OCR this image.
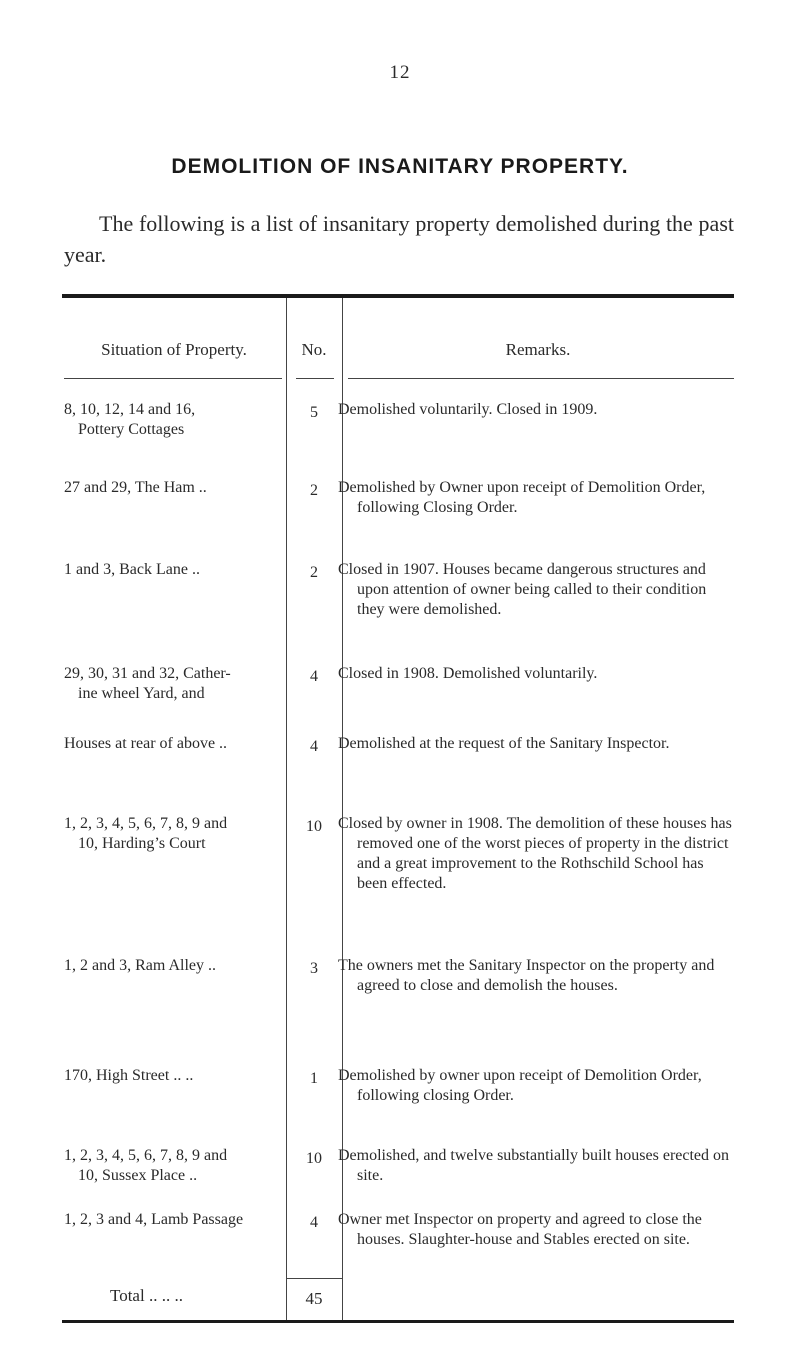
12
DEMOLITION OF INSANITARY PROPERTY.
The following is a list of insanitary property demolished during the past year.
Situation of Property.	No.	Remarks.
8, 10, 12, 14 and 16,
Pottery Cottages
5	Demolished voluntarily. Closed in 1909.
27 and 29, The Ham ..	2	Demolished by Owner upon receipt of Demolition Order, following Closing Order.
1 and 3, Back Lane ..	2	Closed in 1907. Houses became dangerous structures and upon attention of owner being called to their condition they were demolished.
29, 30, 31 and 32, Cather-
ine wheel Yard, and
4	Closed in 1908. Demolished voluntarily.
Houses at rear of above ..	4	Demolished at the request of the Sanitary Inspector.
1, 2, 3, 4, 5, 6, 7, 8, 9 and
10, Harding’s Court
10	Closed by owner in 1908. The demolition of these houses has removed one of the worst pieces of property in the district and a great improvement to the Rothschild School has been effected.
1, 2 and 3, Ram Alley ..	3	The owners met the Sanitary Inspector on the property and agreed to close and demolish the houses.
170, High Street .. ..	1	Demolished by owner upon receipt of Demolition Order, following closing Order.
1, 2, 3, 4, 5, 6, 7, 8, 9 and
10, Sussex Place ..
10	Demolished, and twelve substantially built houses erected on site.
1, 2, 3 and 4, Lamb Passage	4	Owner met Inspector on property and agreed to close the houses. Slaughter-house and Stables erected on site.
Total .. .. ..	45
